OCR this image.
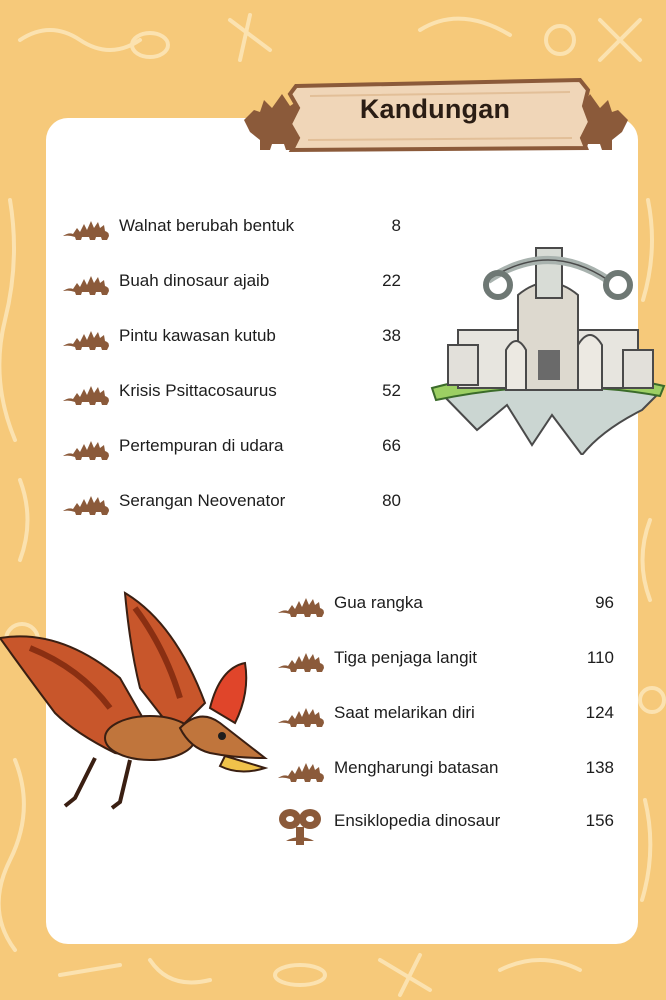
Kandungan
Walnat berubah bentuk	8
Buah dinosaur ajaib	22
Pintu kawasan kutub	38
Krisis Psittacosaurus	52
Pertempuran di udara	66
Serangan Neovenator	80
Gua rangka	96
Tiga penjaga langit	110
Saat melarikan diri	124
Mengharungi batasan	138
Ensiklopedia dinosaur	156
